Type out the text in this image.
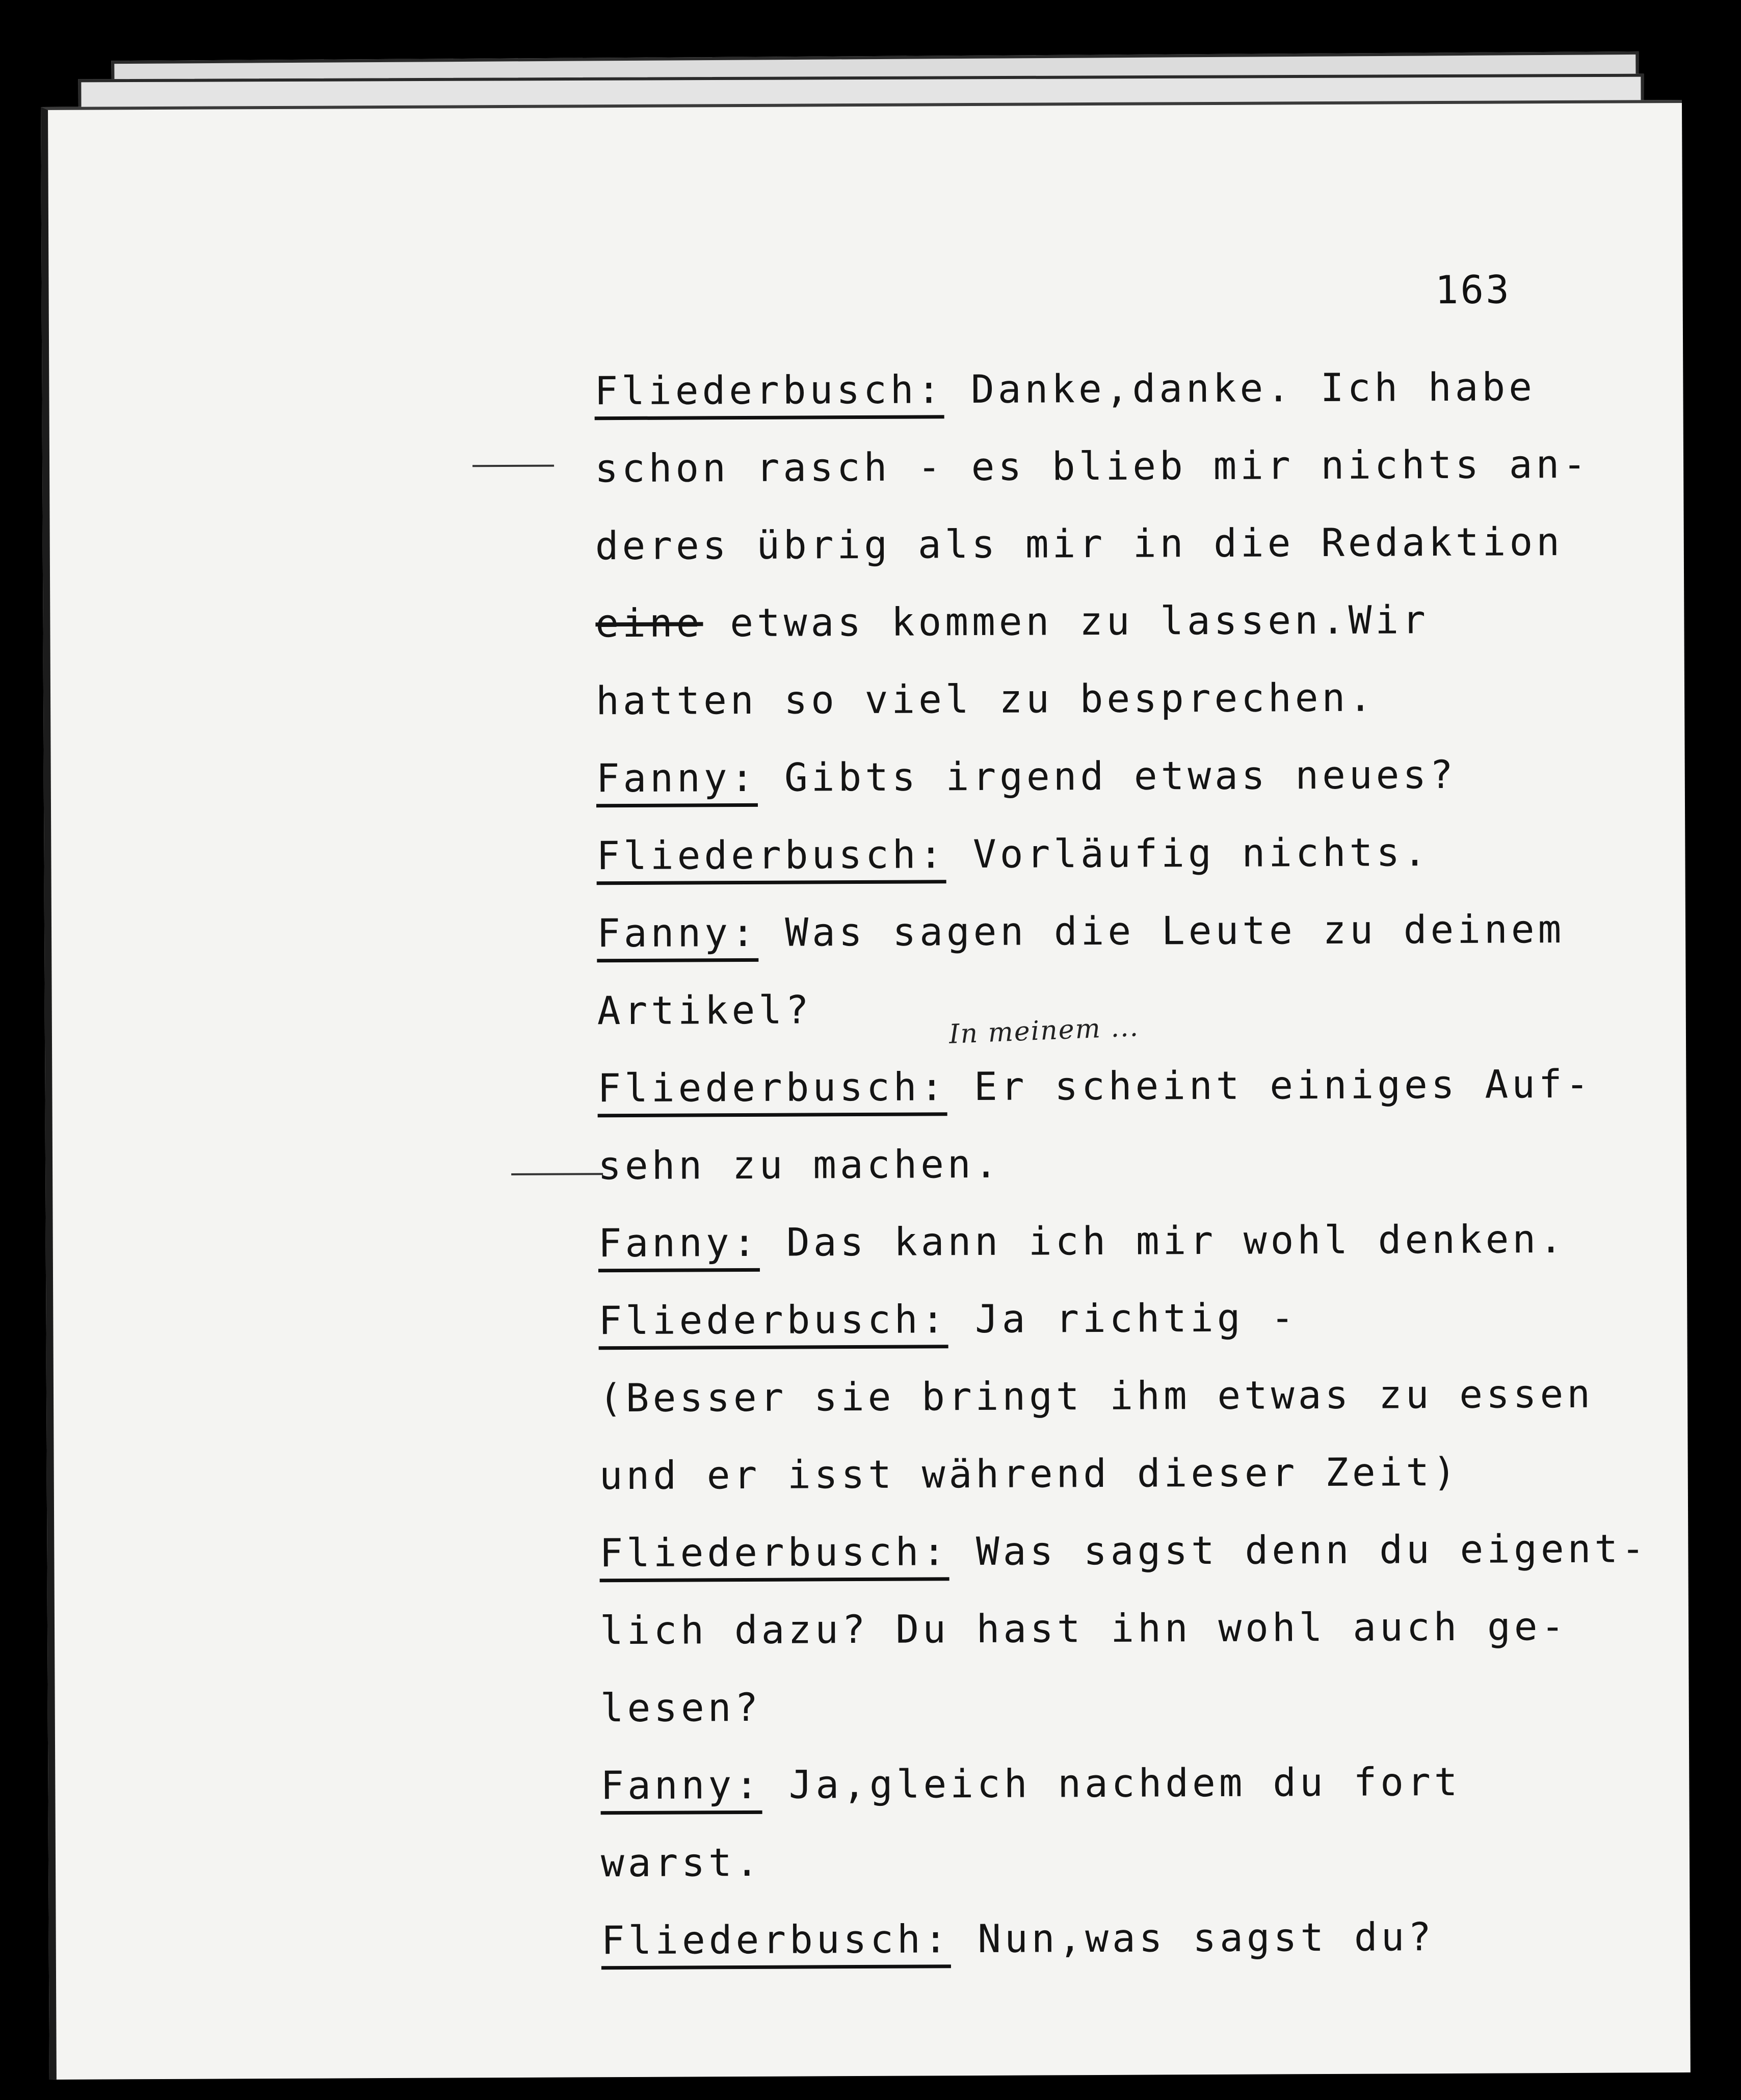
163
Fliederbusch: Danke,danke. Ich habe
schon rasch - es blieb mir nichts an-
deres übrig als mir in die Redaktion
eine etwas kommen zu lassen.Wir
hatten so viel zu besprechen.
Fanny: Gibts irgend etwas neues?
Fliederbusch: Vorläufig nichts.
Fanny: Was sagen die Leute zu deinem
Artikel?
Fliederbusch: Er scheint einiges Auf-
sehn zu machen.
Fanny: Das kann ich mir wohl denken.
Fliederbusch: Ja richtig -
(Besser sie bringt ihm etwas zu essen
und er isst während dieser Zeit)
Fliederbusch: Was sagst denn du eigent-
lich dazu? Du hast ihn wohl auch ge-
lesen?
Fanny: Ja,gleich nachdem du fort
warst.
Fliederbusch: Nun,was sagst du?
In meinem ...
